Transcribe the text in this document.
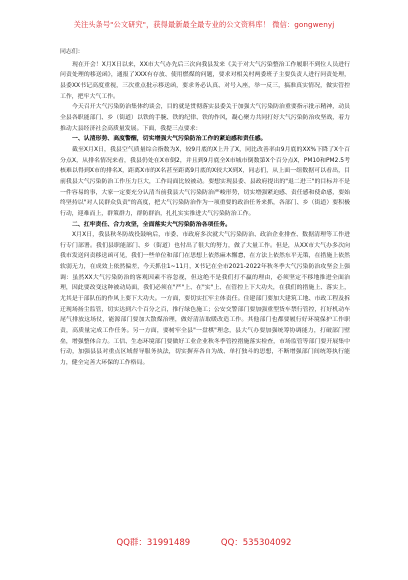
关注头条号"公文研究"，获得最新最全最专业的公文资料库！ 微信：gongwenyj

同志们：

现在开会！X月X日以来，XX市大气办先后三次向我县发来《关于对大气污染整治工作履职不到位人员进行问责处理的移送函》，通报了XXX有存放、使用燃煤的问题，要求对相关村两委班子主要负责人进行问责处理，县委XX书记高度重视，三次重点批示移送函，要求务必认真、对号入座，举一反三，搞准真实情况，做实管控工作，把牢大气工作。

今天召开大气污染防治集体约谈会，目的就是贯彻落实县委关于加强大气污染防治重要指示批示精神，动员全县各职能部门、乡（街道）以铁的手腕、铁的纪律、铁的作风，凝心聚力共同打好大气污染防治攻坚战，着力推动大县经济社会高质量发展。下面，我提三点要求：

一、认清形势、高度警醒，切实增强大气污染防治工作的紧迫感和责任感。

截至X月X日，我县空气质量综合指数为X，较9月底的X上升了X，同比改善率由9月底的XX%下降了X个百分点X，从排名情况来看，我县仍处在X市倒2，并且到9月底全X市城市倒数第X个百分点X，PM10和PM2.5考核难以得到X市的排名X，距离X市的X名甚至距离9月底的X较大X到X，同志们，从上面一组数据可以看出，目前我县大气污染防治工作压力巨大，工作局面比较被动。要想实现县委、县政府提出的"退二进三"的目标并不是一件容易的事，大家一定要充分认清当前我县大气污染防治严峻形势，切实增强紧迫感、责任感和使命感，要始终坚持以"对人民群众负责"的高度，把大气污染防治作为一项重要的政治任务来抓，各部门、乡（街道）要积极行动，迎难而上，群策群力，群防群治，扎扎实实推进大气污染防治工作。

二、扛牢责任、合力攻坚，全面落实大气污染防治各项任务。

X月X日，我县秋冬防战役鼓响后，市委、市政府多次就大气污染防治、政治企业排查、数据清理等工作进行专门部署。我们县职能部门、乡（街道）也付出了很大的努力，做了大量工作。但是，从XX市大气办多次向我市发送问责移送函可见，我们一些单位和部门在思想上依然麻木懈怠，在方法上依然东平无策，在措施上依然软弱无力，在成效上依然偏差，今天抓住1~11月，X书记在全市2021-2022年秋冬季大气污染防治攻坚会上强调：虽然XX大气污染防治的客观因素不容忽视，但这绝不是我们打不赢的理由，必须坚定不移地推进全面治理，因此要改变这种被动局面，我们必须在"严"上、在"实"上、在管控上下大功夫，在我们的措施上、落实上，尤其是干部队伍的作风上要下大功夫。一方面，要切实扛牢主体责任。住建部门要加大建筑工地、市政工程及拆迁现场扬尘监管，切实达到六个百分之百，推行绿色施工；公安交警部门要加强重型货车禁行管控，打好机动车尾气排放这场仗，能源部门要加大散煤治理，做好清洁取暖改造工作。其他部门也都要履行好环境保护工作职责，高质量完成工作任务。另一方面，要树牢全县"一盘棋"理念，县大气办要加强统筹协调能力，打破部门壁垒，增强整体合力。工信、生态环境部门要做好工业企业秋冬季管控措施落实检查，市场监管等部门要开展集中行动，加强县县对重点区域督导服务执法，切实摒弃各自为战、单打独斗的思想，不断增强部门间统筹执行能力，健全完善大环保的工作格局。

QQ群：31991489	QQ：535304092
